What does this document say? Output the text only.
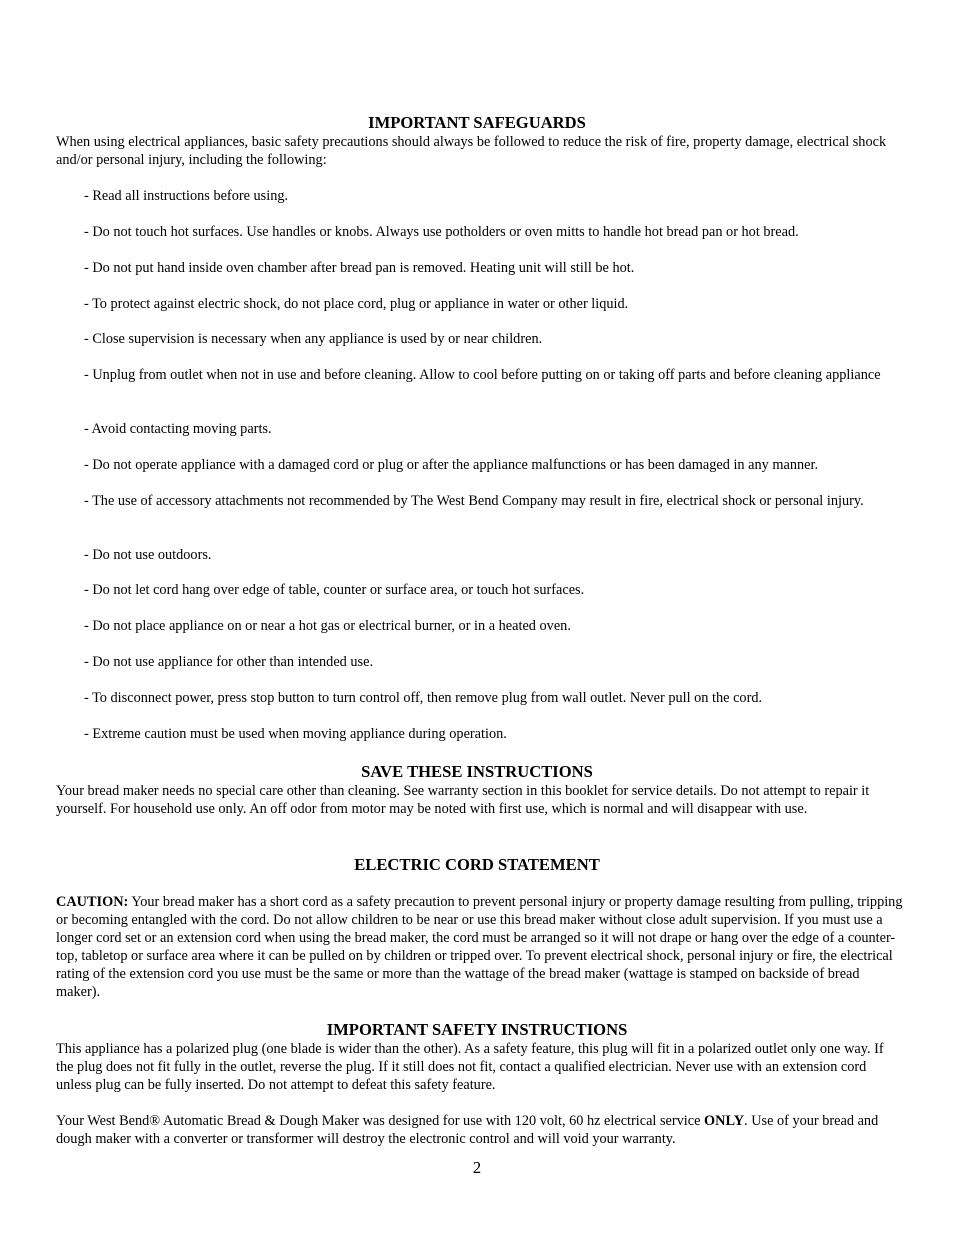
IMPORTANT SAFEGUARDS

When using electrical appliances, basic safety precautions should always be followed to reduce the risk of fire, property damage, electrical shock and/or personal injury, including the following:

- Read all instructions before using.

- Do not touch hot surfaces. Use handles or knobs. Always use potholders or oven mitts to handle hot bread pan or hot bread.

- Do not put hand inside oven chamber after bread pan is removed. Heating unit will still be hot.

- To protect against electric shock, do not place cord, plug or appliance in water or other liquid.

- Close supervision is necessary when any appliance is used by or near children.

- Unplug from outlet when not in use and before cleaning. Allow to cool before putting on or taking off parts and before cleaning appliance

- Avoid contacting moving parts.

- Do not operate appliance with a damaged cord or plug or after the appliance malfunctions or has been damaged in any manner.

- The use of accessory attachments not recommended by The West Bend Company may result in fire, electrical shock or personal injury.

- Do not use outdoors.

- Do not let cord hang over edge of table, counter or surface area, or touch hot surfaces.

- Do not place appliance on or near a hot gas or electrical burner, or in a heated oven.

- Do not use appliance for other than intended use.

- To disconnect power, press stop button to turn control off, then remove plug from wall outlet. Never pull on the cord.

- Extreme caution must be used when moving appliance during operation.

SAVE THESE INSTRUCTIONS

Your bread maker needs no special care other than cleaning. See warranty section in this booklet for service details. Do not attempt to repair it yourself. For household use only. An off odor from motor may be noted with first use, which is normal and will disappear with use.

ELECTRIC CORD STATEMENT

CAUTION: Your bread maker has a short cord as a safety precaution to prevent personal injury or property damage resulting from pulling, tripping or becoming entangled with the cord. Do not allow children to be near or use this bread maker without close adult supervision. If you must use a longer cord set or an extension cord when using the bread maker, the cord must be arranged so it will not drape or hang over the edge of a counter-top, tabletop or surface area where it can be pulled on by children or tripped over. To prevent electrical shock, personal injury or fire, the electrical rating of the extension cord you use must be the same or more than the wattage of the bread maker (wattage is stamped on backside of bread maker).

IMPORTANT SAFETY INSTRUCTIONS

This appliance has a polarized plug (one blade is wider than the other). As a safety feature, this plug will fit in a polarized outlet only one way. If the plug does not fit fully in the outlet, reverse the plug. If it still does not fit, contact a qualified electrician. Never use with an extension cord unless plug can be fully inserted. Do not attempt to defeat this safety feature.

Your West Bend® Automatic Bread & Dough Maker was designed for use with 120 volt, 60 hz electrical service ONLY. Use of your bread and dough maker with a converter or transformer will destroy the electronic control and will void your warranty.

2
